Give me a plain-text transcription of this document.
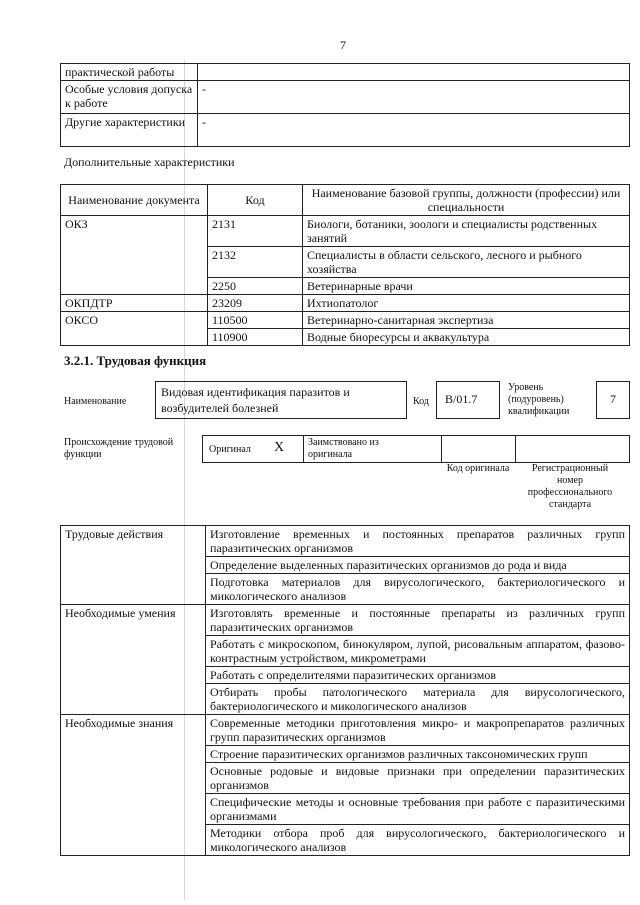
7
практической работы	
Особые условия допуска к работе	-
Другие характеристики	-
Дополнительные характеристики
Наименование документа	Код	Наименование базовой группы, должности (профессии) или специальности
ОКЗ	2131	Биологи, ботаники, зоологи и специалисты родственных занятий
	2132	Специалисты в области сельского, лесного и рыбного хозяйства
	2250	Ветеринарные врачи
ОКПДТР	23209	Ихтиопатолог
ОКСО	110500	Ветеринарно-санитарная экспертиза
	110900	Водные биоресурсы и аквакультура
3.2.1. Трудовая функция
Наименование
Видовая идентификация паразитов и возбудителей болезней	Код	B/01.7
Уровень (подуровень) квалификации
7
Происхождение трудовой функции	Оригинал X Заимствовано из оригинала
Код оригинала	Регистрационный номер профессионального стандарта
Трудовые действия	Изготовление временных и постоянных препаратов различных групп паразитических организмов
	Определение выделенных паразитических организмов до рода и вида
	Подготовка материалов для вирусологического, бактериологического и микологического анализов
Необходимые умения	Изготовлять временные и постоянные препараты из различных групп паразитических организмов
	Работать с микроскопом, бинокуляром, лупой, рисовальным аппаратом, фазово-контрастным устройством, микрометрами
	Работать с определителями паразитических организмов
	Отбирать пробы патологического материала для вирусологического, бактериологического и микологического анализов
Необходимые знания	Современные методики приготовления микро- и макропрепаратов различных групп паразитических организмов
	Строение паразитических организмов различных таксономических групп
	Основные родовые и видовые признаки при определении паразитических организмов
	Специфические методы и основные требования при работе с паразитическими организмами
	Методики отбора проб для вирусологического, бактериологического и микологического анализов
